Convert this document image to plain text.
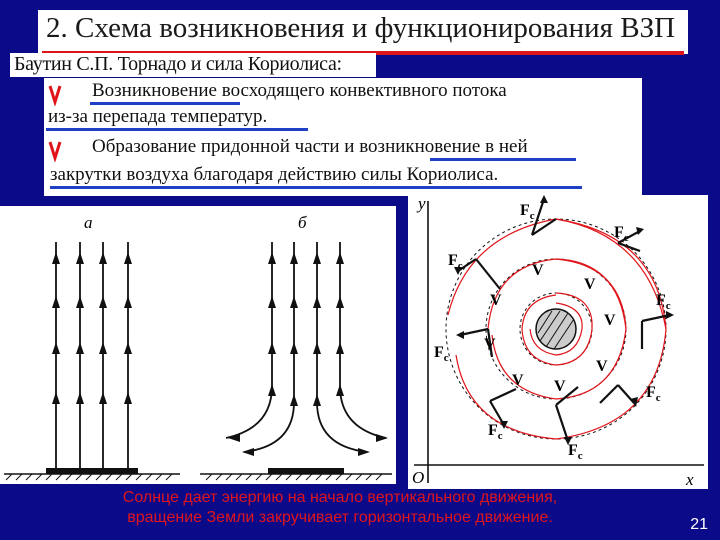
2. Схема возникновения и функционирования ВЗП
Баутин С.П. Торнадо и сила Кориолиса:
Возникновение восходящего конвективного потока
из-за перепада температур.
Образование придонной части и возникновение в ней
закрутки воздуха благодаря действию силы Кориолиса.
а	б
y
x
O
$F_c$
$F_c$
$F_c$
$F_c$
$F_c$
$F_c$
$F_c$
$F_c$
V
V
V
V
V
V
V V
Солнце дает энергию на начало вертикального движения,
вращение Земли закручивает горизонтальное движение.	21
